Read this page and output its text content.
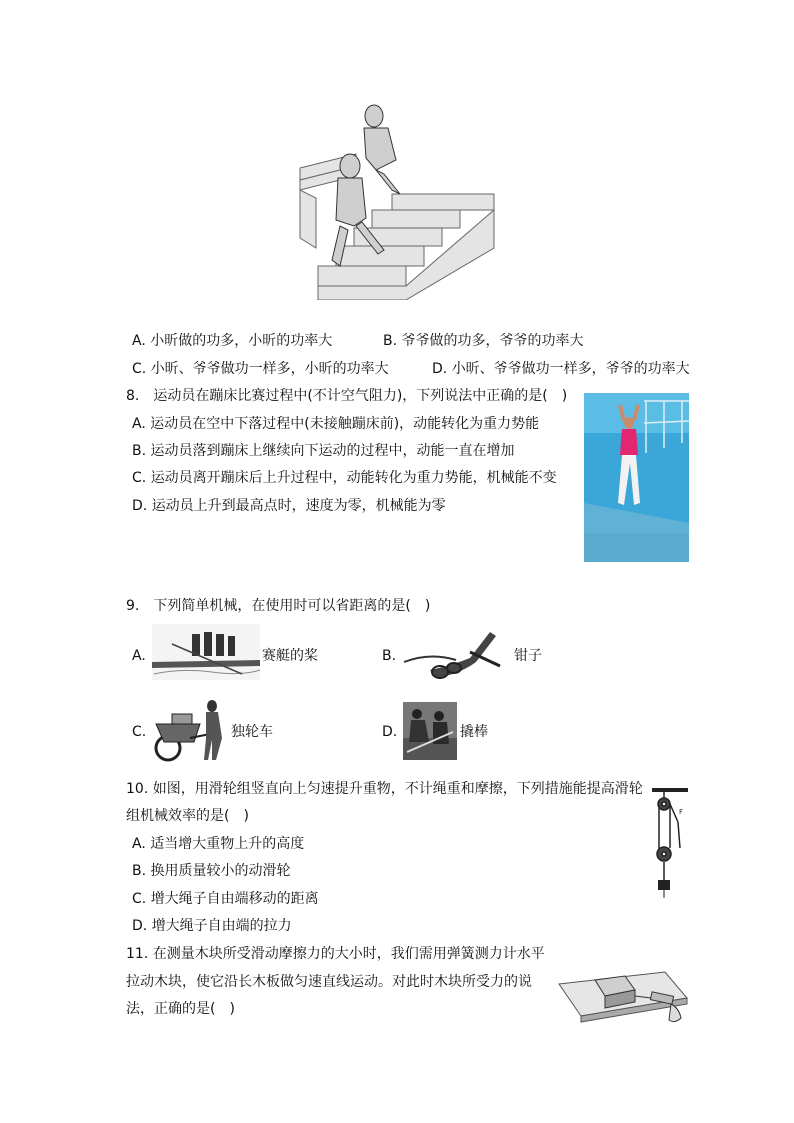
A. 小昕做的功多，小昕的功率大	B. 爷爷做的功多，爷爷的功率大
C. 小昕、爷爷做功一样多，小昕的功率大	D. 小昕、爷爷做功一样多，爷爷的功率大
8.　运动员在蹦床比赛过程中(不计空气阻力)，下列说法中正确的是(　)
A. 运动员在空中下落过程中(未接触蹦床前)，动能转化为重力势能
B. 运动员落到蹦床上继续向下运动的过程中，动能一直在增加
C. 运动员离开蹦床后上升过程中，动能转化为重力势能，机械能不变
D. 运动员上升到最高点时，速度为零，机械能为零
9.　下列简单机械，在使用时可以省距离的是(　)
A.	赛艇的桨	B.	钳子
C.	独轮车	D.	撬棒
10. 如图，用滑轮组竖直向上匀速提升重物，不计绳重和摩擦，下列措施能提高滑轮
组机械效率的是(　)
A. 适当增大重物上升的高度
B. 换用质量较小的动滑轮
C. 增大绳子自由端移动的距离
D. 增大绳子自由端的拉力
F
11. 在测量木块所受滑动摩擦力的大小时，我们需用弹簧测力计水平
拉动木块，使它沿长木板做匀速直线运动。对此时木块所受力的说
法，正确的是(　)
